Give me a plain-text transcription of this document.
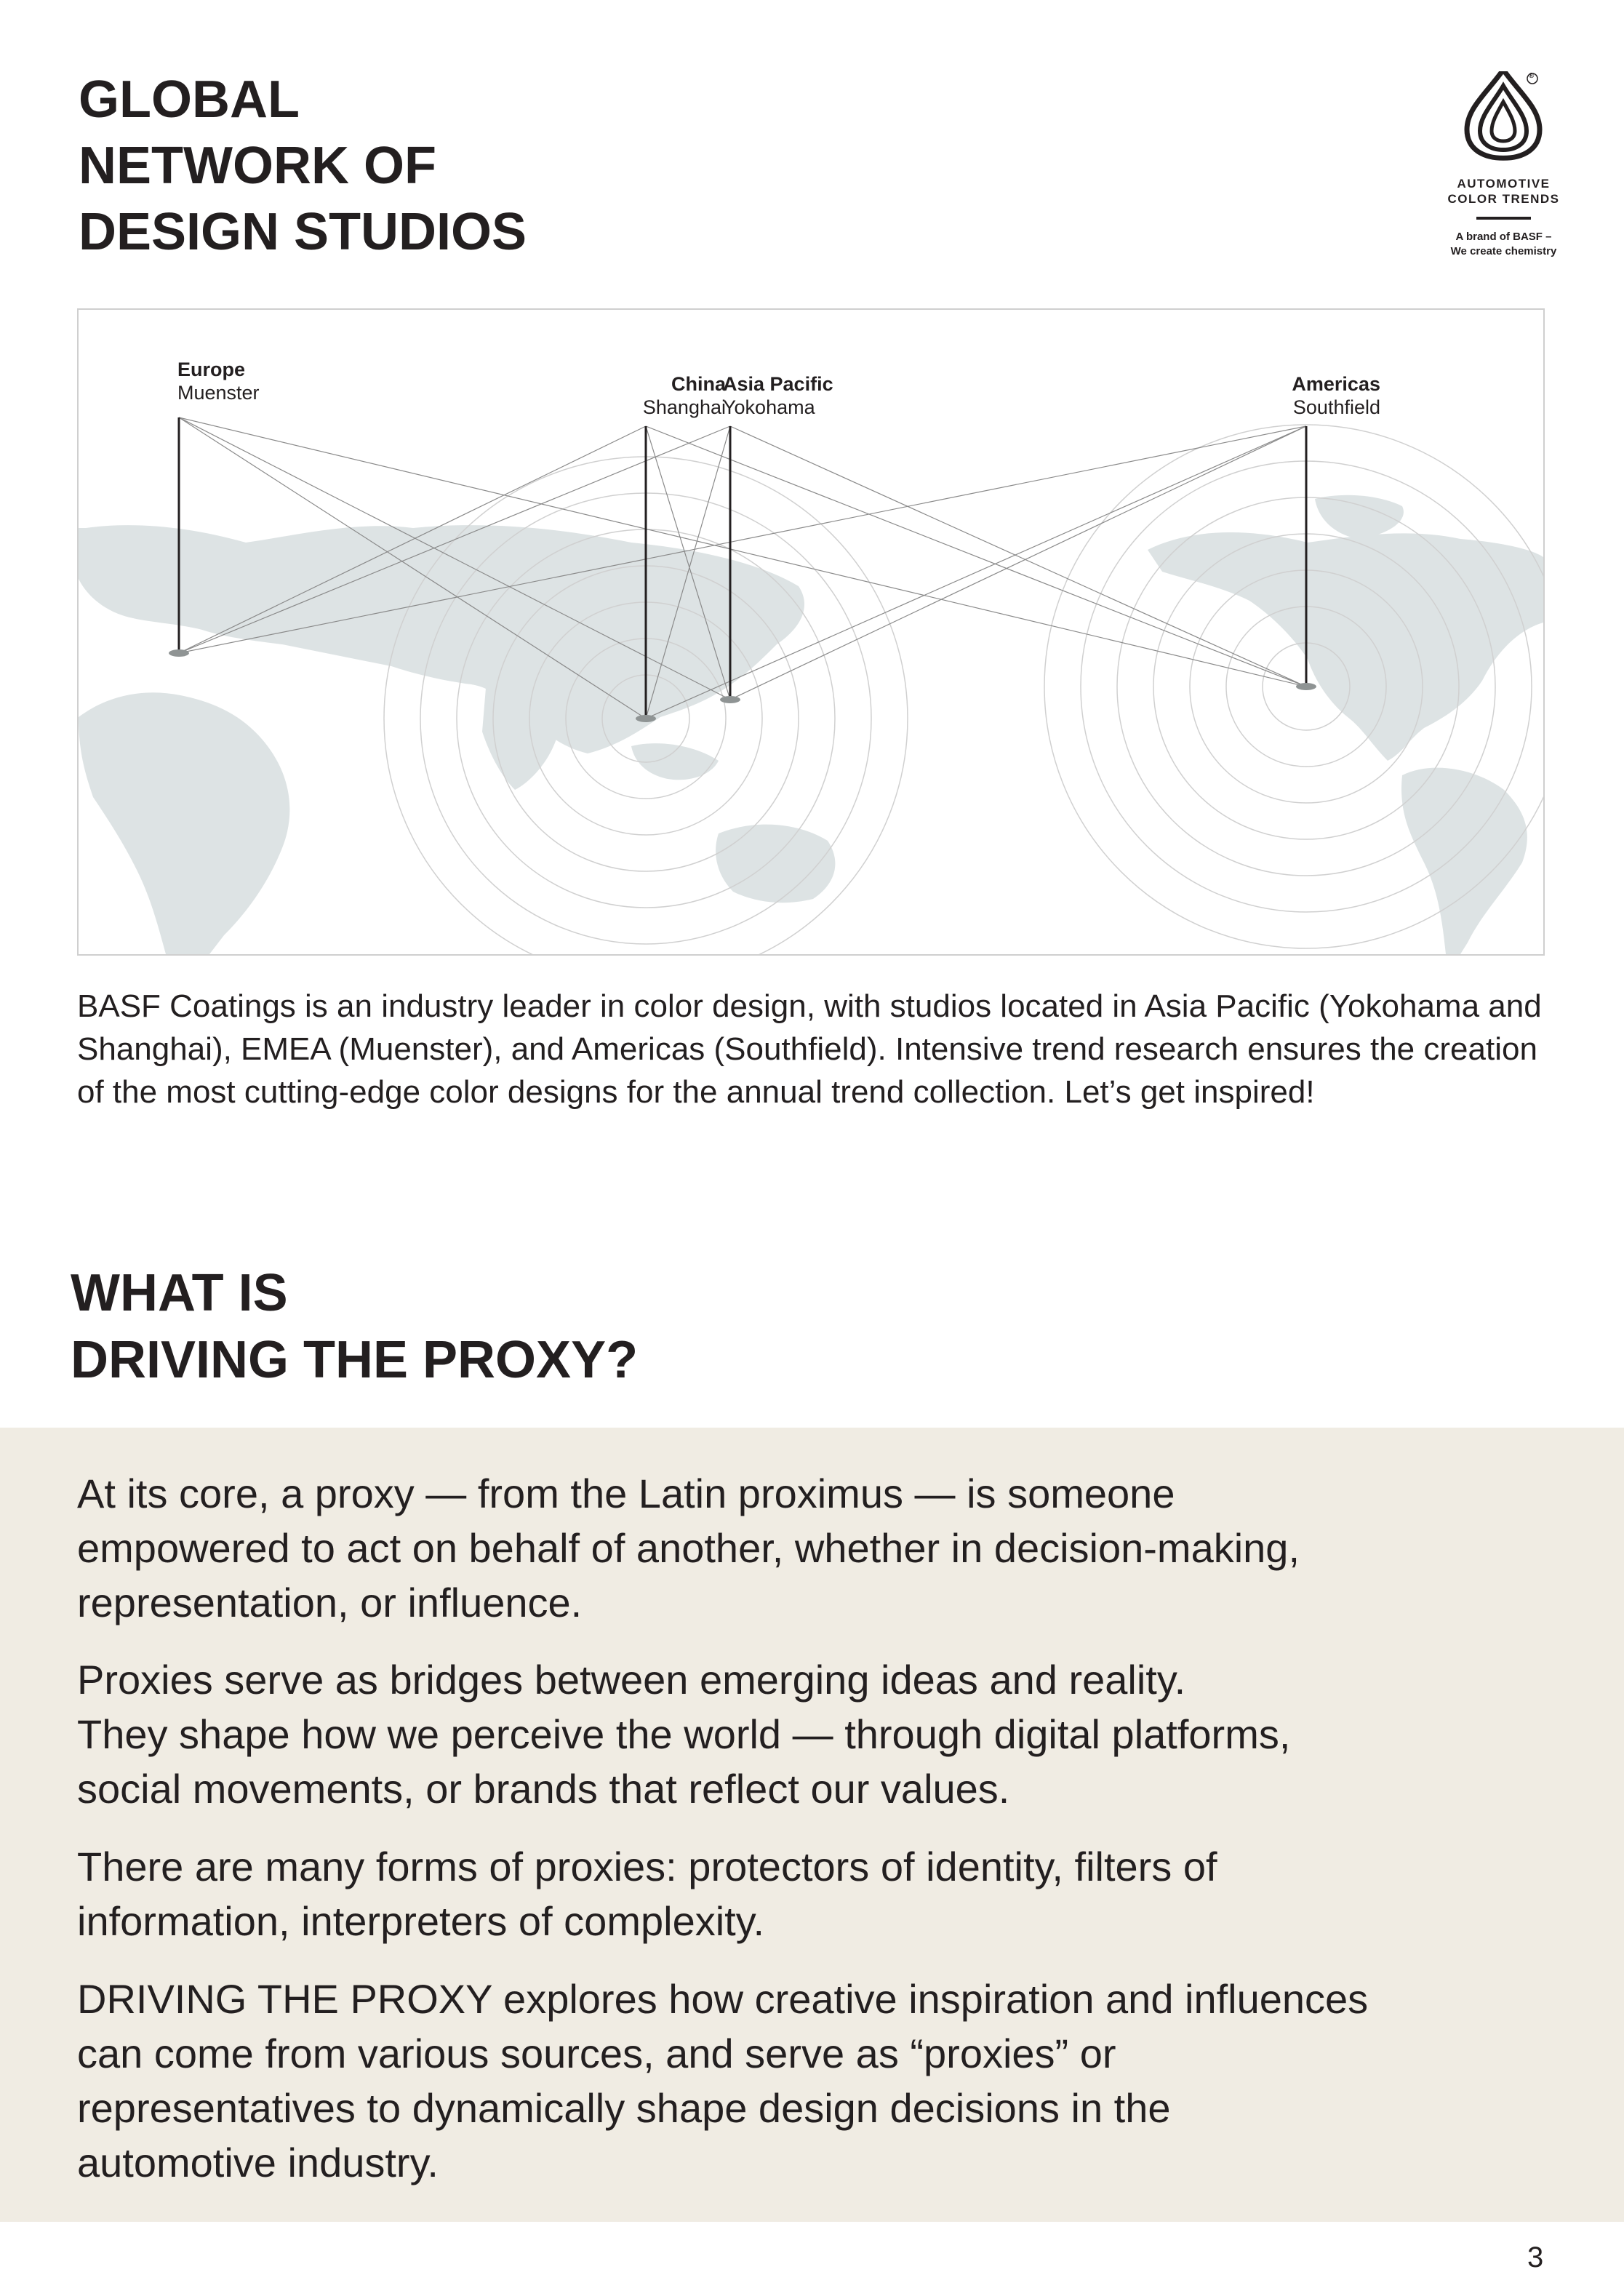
GLOBAL
NETWORK OF
DESIGN STUDIOS
®
AUTOMOTIVE
COLOR TRENDS
A brand of BASF –
We create chemistry
Europe
Muenster	China
Shanghai
Asia Pacific
Yokohama
Americas
Southfield

BASF Coatings is an industry leader in color design, with studios located in Asia Pacific (Yokohama and Shanghai), EMEA (Muenster), and Americas (Southfield). Intensive trend research ensures the creation of the most cutting-edge color designs for the annual trend collection. Let’s get inspired!

WHAT IS
DRIVING THE PROXY?

At its core, a proxy — from the Latin proximus — is someone
empowered to act on behalf of another, whether in decision-making,
representation, or influence.

Proxies serve as bridges between emerging ideas and reality.
They shape how we perceive the world — through digital platforms,
social movements, or brands that reflect our values.

There are many forms of proxies: protectors of identity, filters of
information, interpreters of complexity.

DRIVING THE PROXY explores how creative inspiration and influences
can come from various sources, and serve as “proxies” or
representatives to dynamically shape design decisions in the
automotive industry.

3
